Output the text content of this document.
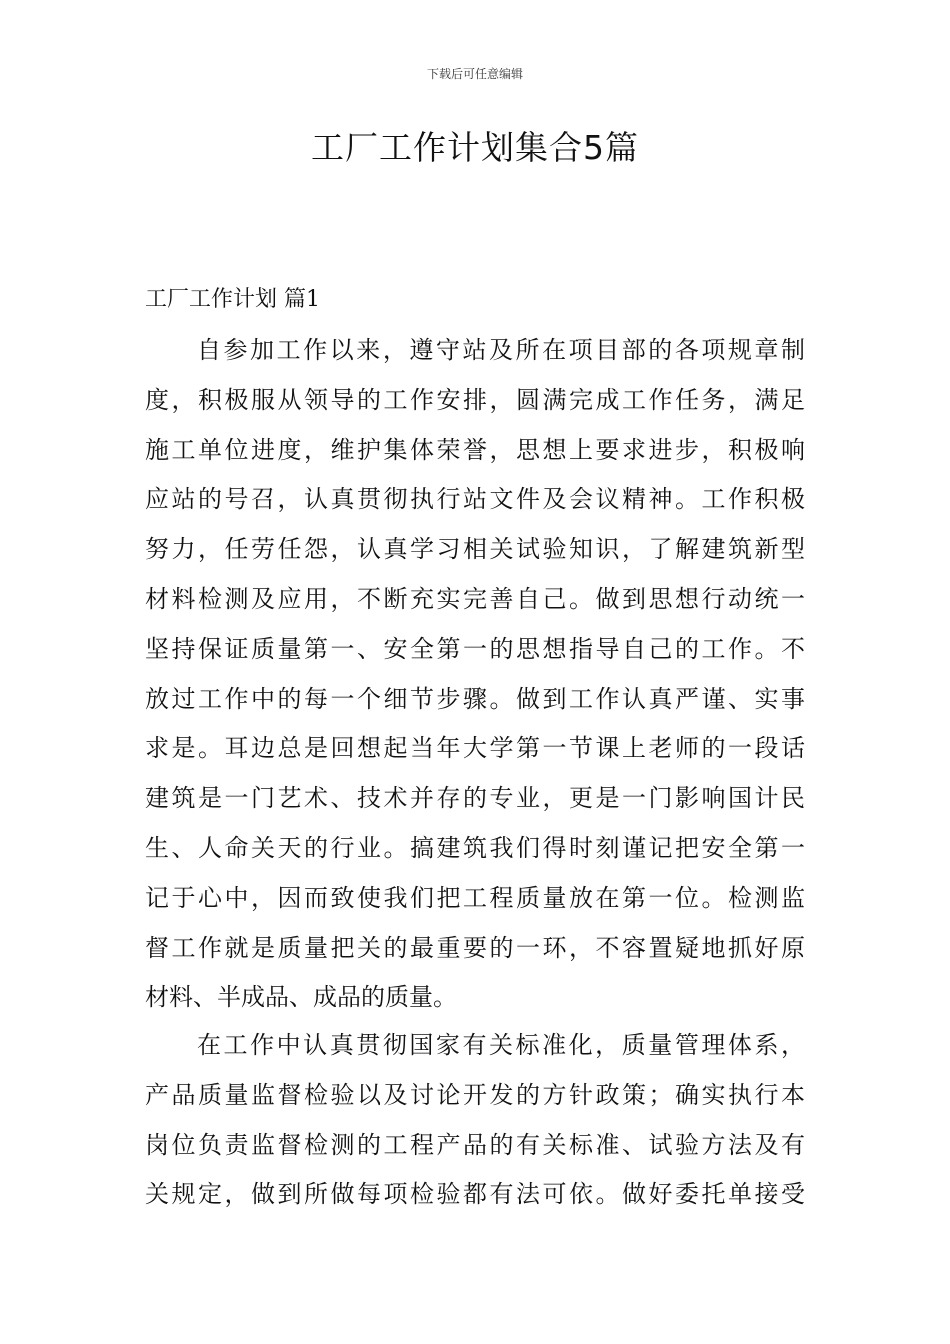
下载后可任意编辑
工厂工作计划集合5篇
工厂工作计划 篇1

自参加工作以来，遵守站及所在项目部的各项规章制
度，积极服从领导的工作安排，圆满完成工作任务，满足
施工单位进度，维护集体荣誉，思想上要求进步，积极响
应站的号召，认真贯彻执行站文件及会议精神。工作积极
努力，任劳任怨，认真学习相关试验知识，了解建筑新型
材料检测及应用，不断充实完善自己。做到思想行动统一
坚持保证质量第一、安全第一的思想指导自己的工作。不
放过工作中的每一个细节步骤。做到工作认真严谨、实事
求是。耳边总是回想起当年大学第一节课上老师的一段话
建筑是一门艺术、技术并存的专业，更是一门影响国计民
生、人命关天的行业。搞建筑我们得时刻谨记把安全第一
记于心中，因而致使我们把工程质量放在第一位。检测监
督工作就是质量把关的最重要的一环，不容置疑地抓好原
材料、半成品、成品的质量。

在工作中认真贯彻国家有关标准化，质量管理体系，
产品质量监督检验以及讨论开发的方针政策；确实执行本
岗位负责监督检测的工程产品的有关标准、试验方法及有
关规定，做到所做每项检验都有法可依。做好委托单接受
